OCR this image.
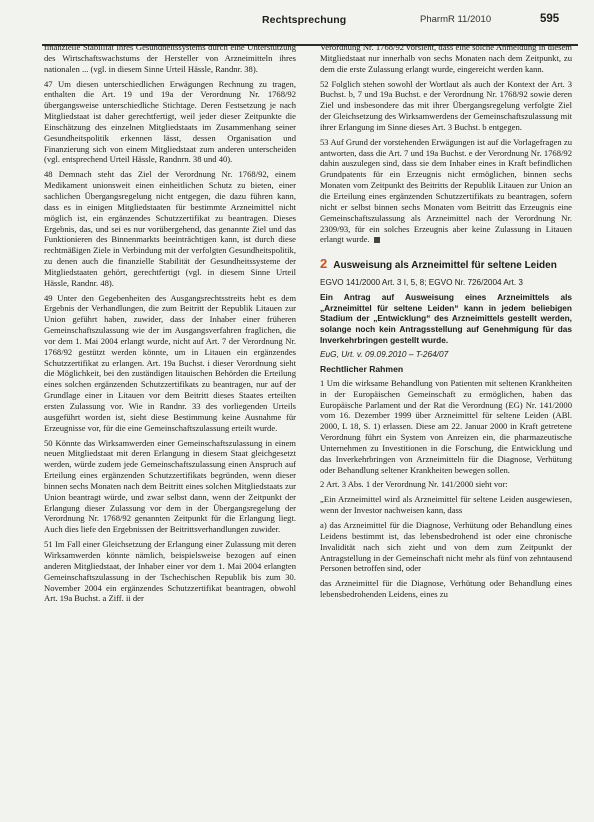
Rechtsprechung	PharmR 11/2010	595

finanzielle Stabilität ihres Gesundheitssystems durch eine Unterstützung des Wirtschaftswachstums der Hersteller von Arzneimitteln ihres nationalen ... (vgl. in diesem Sinne Urteil Hässle, Randnr. 38).

47 Um diesen unterschiedlichen Erwägungen Rechnung zu tragen, enthalten die Art. 19 und 19a der Verordnung Nr. 1768/92 übergangsweise unterschiedliche Stichtage. Deren Festsetzung je nach Mitgliedstaat ist daher gerechtfertigt, weil jeder dieser Zeitpunkte die Einschätzung des einzelnen Mitgliedstaats im Zusammenhang seiner Gesundheitspolitik erkennen lässt, dessen Organisation und Finanzierung sich von einem Mitgliedstaat zum anderen unterscheiden (vgl. entsprechend Urteil Hässle, Randnrn. 38 und 40).

48 Demnach steht das Ziel der Verordnung Nr. 1768/92, einem Medikament unionsweit einen einheitlichen Schutz zu bieten, einer sachlichen Übergangsregelung nicht entgegen, die dazu führen kann, dass es in einigen Mitgliedstaaten für bestimmte Arzneimittel nicht möglich ist, ein ergänzendes Schutzzertifikat zu beantragen. Dieses Ergebnis, das, und sei es nur vorübergehend, das genannte Ziel und das Funktionieren des Binnenmarkts beeinträchtigen kann, ist durch diese rechtmäßigen Ziele in Verbindung mit der verfolgten Gesundheitspolitik, zu denen auch die finanzielle Stabilität der Gesundheitssysteme der Mitgliedstaaten gehört, gerechtfertigt (vgl. in diesem Sinne Urteil Hässle, Randnr. 48).

49 Unter den Gegebenheiten des Ausgangsrechtsstreits hebt es dem Ergebnis der Verhandlungen, die zum Beitritt der Republik Litauen zur Union geführt haben, zuwider, dass der Inhaber einer früheren Gemeinschaftszulassung wie der im Ausgangsverfahren fraglichen, die vor dem 1. Mai 2004 erlangt wurde, nicht auf Art. 7 der Verordnung Nr. 1768/92 gestützt werden könnte, um in Litauen ein ergänzendes Schutzzertifikat zu erlangen. Art. 19a Buchst. i dieser Verordnung sieht die Möglichkeit, bei den zuständigen litauischen Behörden die Erteilung eines solchen ergänzenden Schutzzertifikats zu beantragen, nur auf der Grundlage einer in Litauen vor dem Beitritt dieses Staates erteilten ersten Zulassung vor. Wie in Randnr. 33 des vorliegenden Urteils ausgeführt worden ist, sieht diese Bestimmung keine Ausnahme für Erzeugnisse vor, für die eine Gemeinschaftszulassung erteilt wurde.

50 Könnte das Wirksamwerden einer Gemeinschaftszulassung in einem neuen Mitgliedstaat mit deren Erlangung in diesem Staat gleichgesetzt werden, würde zudem jede Gemeinschaftszulassung einen Anspruch auf Erteilung eines ergänzenden Schutzzertifikats begründen, wenn dieser binnen sechs Monaten nach dem Beitritt eines solchen Mitgliedstaats zur Union beantragt würde, und zwar selbst dann, wenn der Zeitpunkt der Erlangung dieser Zulassung vor dem in der Übergangsregelung der Verordnung Nr. 1768/92 genannten Zeitpunkt für die Erlangung liegt. Auch dies liefe den Ergebnissen der Beitrittsverhandlungen zuwider.

51 Im Fall einer Gleichsetzung der Erlangung einer Zulassung mit deren Wirksamwerden könnte nämlich, beispielsweise bezogen auf einen anderen Mitgliedstaat, der Inhaber einer vor dem 1. Mai 2004 erlangten Gemeinschaftszulassung in der Tschechischen Republik bis zum 30. November 2004 ein ergänzendes Schutzzertifikat beantragen, obwohl Art. 19a Buchst. a Ziff. ii der

Verordnung Nr. 1768/92 vorsieht, dass eine solche Anmeldung in diesem Mitgliedstaat nur innerhalb von sechs Monaten nach dem Zeitpunkt, zu dem die erste Zulassung erlangt wurde, eingereicht werden kann.

52 Folglich stehen sowohl der Wortlaut als auch der Kontext der Art. 3 Buchst. b, 7 und 19a Buchst. e der Verordnung Nr. 1768/92 sowie deren Ziel und insbesondere das mit ihrer Übergangsregelung verfolgte Ziel der Gleichsetzung des Wirksamwerdens der Gemeinschaftszulassung mit ihrer Erlangung im Sinne dieses Art. 3 Buchst. b entgegen.

53 Auf Grund der vorstehenden Erwägungen ist auf die Vorlagefragen zu antworten, dass die Art. 7 und 19a Buchst. e der Verordnung Nr. 1768/92 dahin auszulegen sind, dass sie dem Inhaber eines in Kraft befindlichen Grundpatents für ein Erzeugnis nicht ermöglichen, binnen sechs Monaten vom Zeitpunkt des Beitritts der Republik Litauen zur Union an die Erteilung eines ergänzenden Schutzzertifikats zu beantragen, sofern nicht er selbst binnen sechs Monaten vom Beitritt das Erzeugnis eine Gemeinschaftszulassung als Arzneimittel nach der Verordnung Nr. 2309/93, für ein solches Erzeugnis aber keine Zulassung in Litauen erlangt wurde.

2 Ausweisung als Arzneimittel für seltene Leiden

EGVO 141/2000 Art. 3 I, 5, 8; EGVO Nr. 726/2004 Art. 3

Ein Antrag auf Ausweisung eines Arzneimittels als „Arzneimittel für seltene Leiden“ kann in jedem beliebigen Stadium der „Entwicklung“ des Arzneimittels gestellt werden, solange noch kein Antragsstellung auf Genehmigung für das Inverkehrbringen gestellt wurde.

EuG, Urt. v. 09.09.2010 – T-264/07

Rechtlicher Rahmen

1 Um die wirksame Behandlung von Patienten mit seltenen Krankheiten in der Europäischen Gemeinschaft zu ermöglichen, haben das Europäische Parlament und der Rat die Verordnung (EG) Nr. 141/2000 vom 16. Dezember 1999 über Arzneimittel für seltene Leiden (ABl. 2000, L 18, S. 1) erlassen. Diese am 22. Januar 2000 in Kraft getretene Verordnung führt ein System von Anreizen ein, die pharmazeutische Unternehmen zu Investitionen in die Forschung, die Entwicklung und das Inverkehrbringen von Arzneimitteln für die Diagnose, Verhütung oder Behandlung seltener Krankheiten bewegen sollen.

2 Art. 3 Abs. 1 der Verordnung Nr. 141/2000 sieht vor:

„Ein Arzneimittel wird als Arzneimittel für seltene Leiden ausgewiesen, wenn der Investor nachweisen kann, dass

a) das Arzneimittel für die Diagnose, Verhütung oder Behandlung eines Leidens bestimmt ist, das lebensbedrohend ist oder eine chronische Invalidität nach sich zieht und von dem zum Zeitpunkt der Antragstellung in der Gemeinschaft nicht mehr als fünf von zehntausend Personen betroffen sind, oder

das Arzneimittel für die Diagnose, Verhütung oder Behandlung eines lebensbedrohenden Leidens, eines zu
